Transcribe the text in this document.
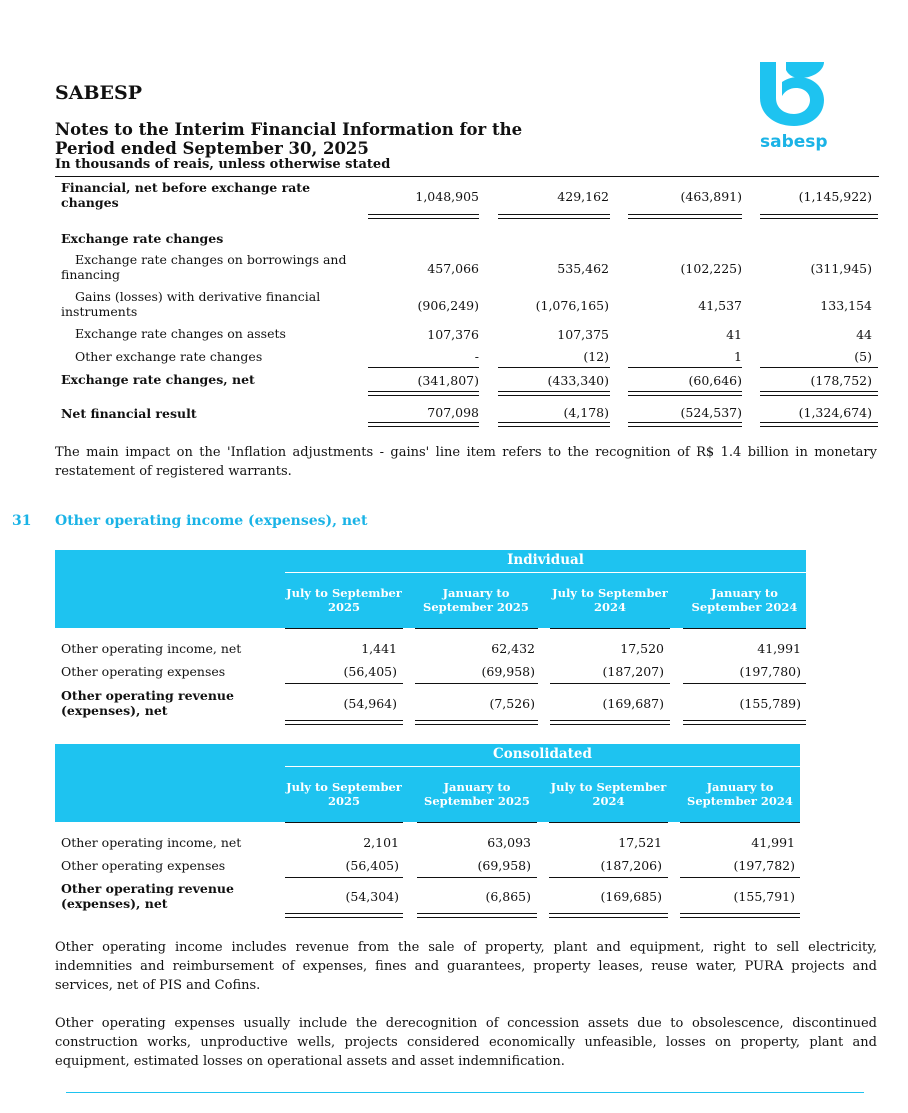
SABESP
Notes to the Interim Financial Information for the Period ended September 30, 2025
In thousands of reais, unless otherwise stated
sabesp
Financial, net before exchange rate changes	1,048,905	429,162	(463,891)	(1,145,922)
Exchange rate changes
Exchange rate changes on borrowings and financing	457,066	535,462	(102,225)	(311,945)
Gains (losses) with derivative financial instruments	(906,249)	(1,076,165)	41,537	133,154
Exchange rate changes on assets	107,376	107,375	41	44
Other exchange rate changes	-	(12)	1	(5)
Exchange rate changes, net	(341,807)	(433,340)	(60,646)	(178,752)
Net financial result	707,098	(4,178)	(524,537)	(1,324,674)
The main impact on the 'Inflation adjustments - gains' line item refers to the recognition of R$ 1.4 billion in monetary restatement of registered warrants.
31 Other operating income (expenses), net
Individual
July to September 2025
January to September 2025
July to September 2024
January to September 2024
Other operating income, net	1,441	62,432	17,520	41,991
Other operating expenses	(56,405)	(69,958)	(187,207)	(197,780)
Other operating revenue (expenses), net	(54,964)	(7,526)	(169,687)	(155,789)
Consolidated
July to September 2025
January to September 2025
July to September 2024
January to September 2024
Other operating income, net	2,101	63,093	17,521	41,991
Other operating expenses	(56,405)	(69,958)	(187,206)	(197,782)
Other operating revenue (expenses), net	(54,304)	(6,865)	(169,685)	(155,791)
Other operating income includes revenue from the sale of property, plant and equipment, right to sell electricity, indemnities and reimbursement of expenses, fines and guarantees, property leases, reuse water, PURA projects and services, net of PIS and Cofins.
Other operating expenses usually include the derecognition of concession assets due to obsolescence, discontinued construction works, unproductive wells, projects considered economically unfeasible, losses on property, plant and equipment, estimated losses on operational assets and asset indemnification.
